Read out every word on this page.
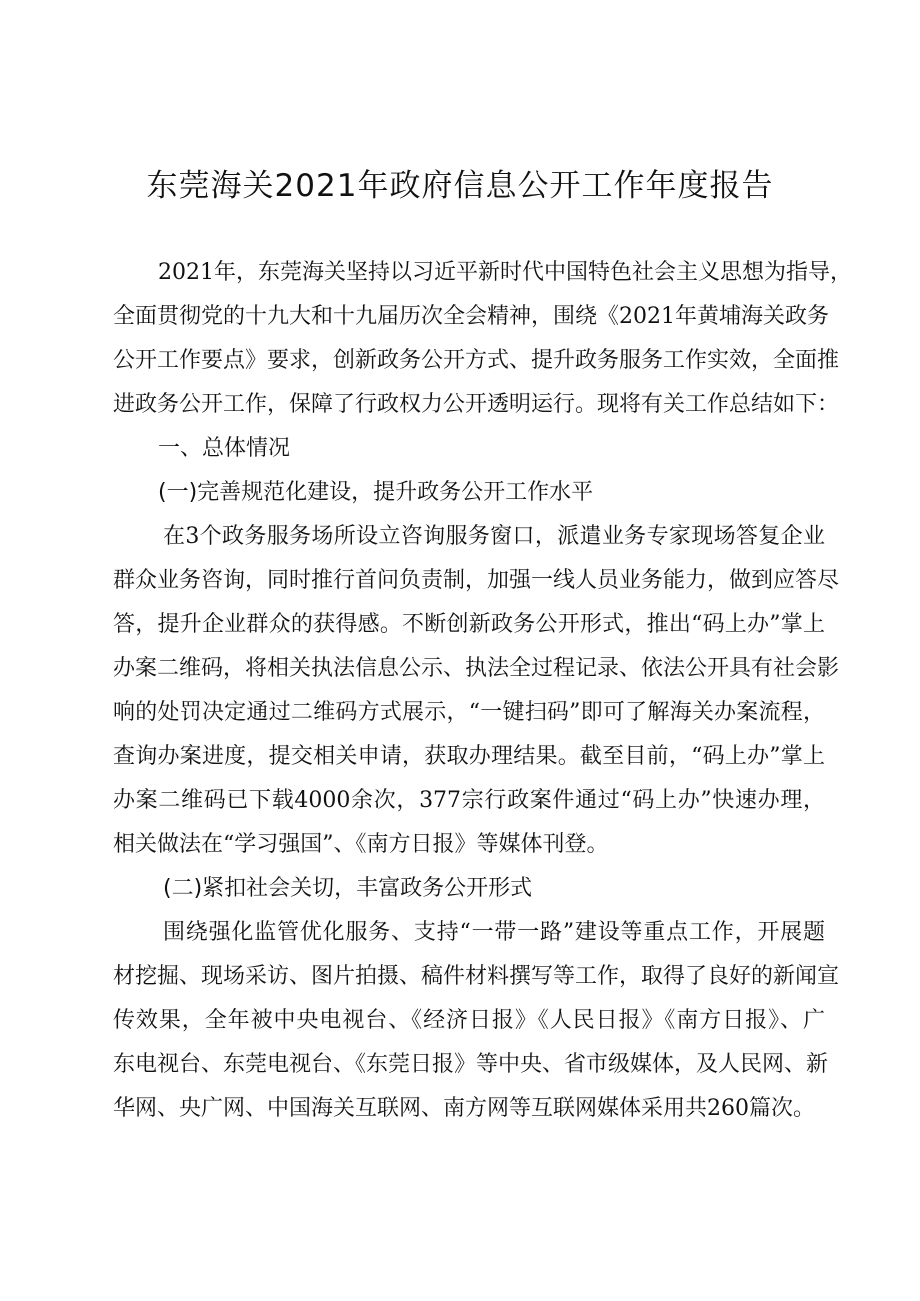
东莞海关2021年政府信息公开工作年度报告
2021年，东莞海关坚持以习近平新时代中国特色社会主义思想为指导，
全面贯彻党的十九大和十九届历次全会精神，围绕《2021年黄埔海关政务
公开工作要点》要求，创新政务公开方式、提升政务服务工作实效，全面推
进政务公开工作，保障了行政权力公开透明运行。现将有关工作总结如下：
一、总体情况
(一)完善规范化建设，提升政务公开工作水平
在3个政务服务场所设立咨询服务窗口，派遣业务专家现场答复企业
群众业务咨询，同时推行首问负责制，加强一线人员业务能力，做到应答尽
答，提升企业群众的获得感。不断创新政务公开形式，推出“码上办”掌上
办案二维码，将相关执法信息公示、执法全过程记录、依法公开具有社会影
响的处罚决定通过二维码方式展示，“一键扫码”即可了解海关办案流程，
查询办案进度，提交相关申请，获取办理结果。截至目前，“码上办”掌上
办案二维码已下载4000余次，377宗行政案件通过“码上办”快速办理，
相关做法在“学习强国”、《南方日报》等媒体刊登。
(二)紧扣社会关切，丰富政务公开形式
围绕强化监管优化服务、支持“一带一路”建设等重点工作，开展题
材挖掘、现场采访、图片拍摄、稿件材料撰写等工作，取得了良好的新闻宣
传效果，全年被中央电视台、《经济日报》《人民日报》《南方日报》、广
东电视台、东莞电视台、《东莞日报》等中央、省市级媒体，及人民网、新
华网、央广网、中国海关互联网、南方网等互联网媒体采用共260篇次。
